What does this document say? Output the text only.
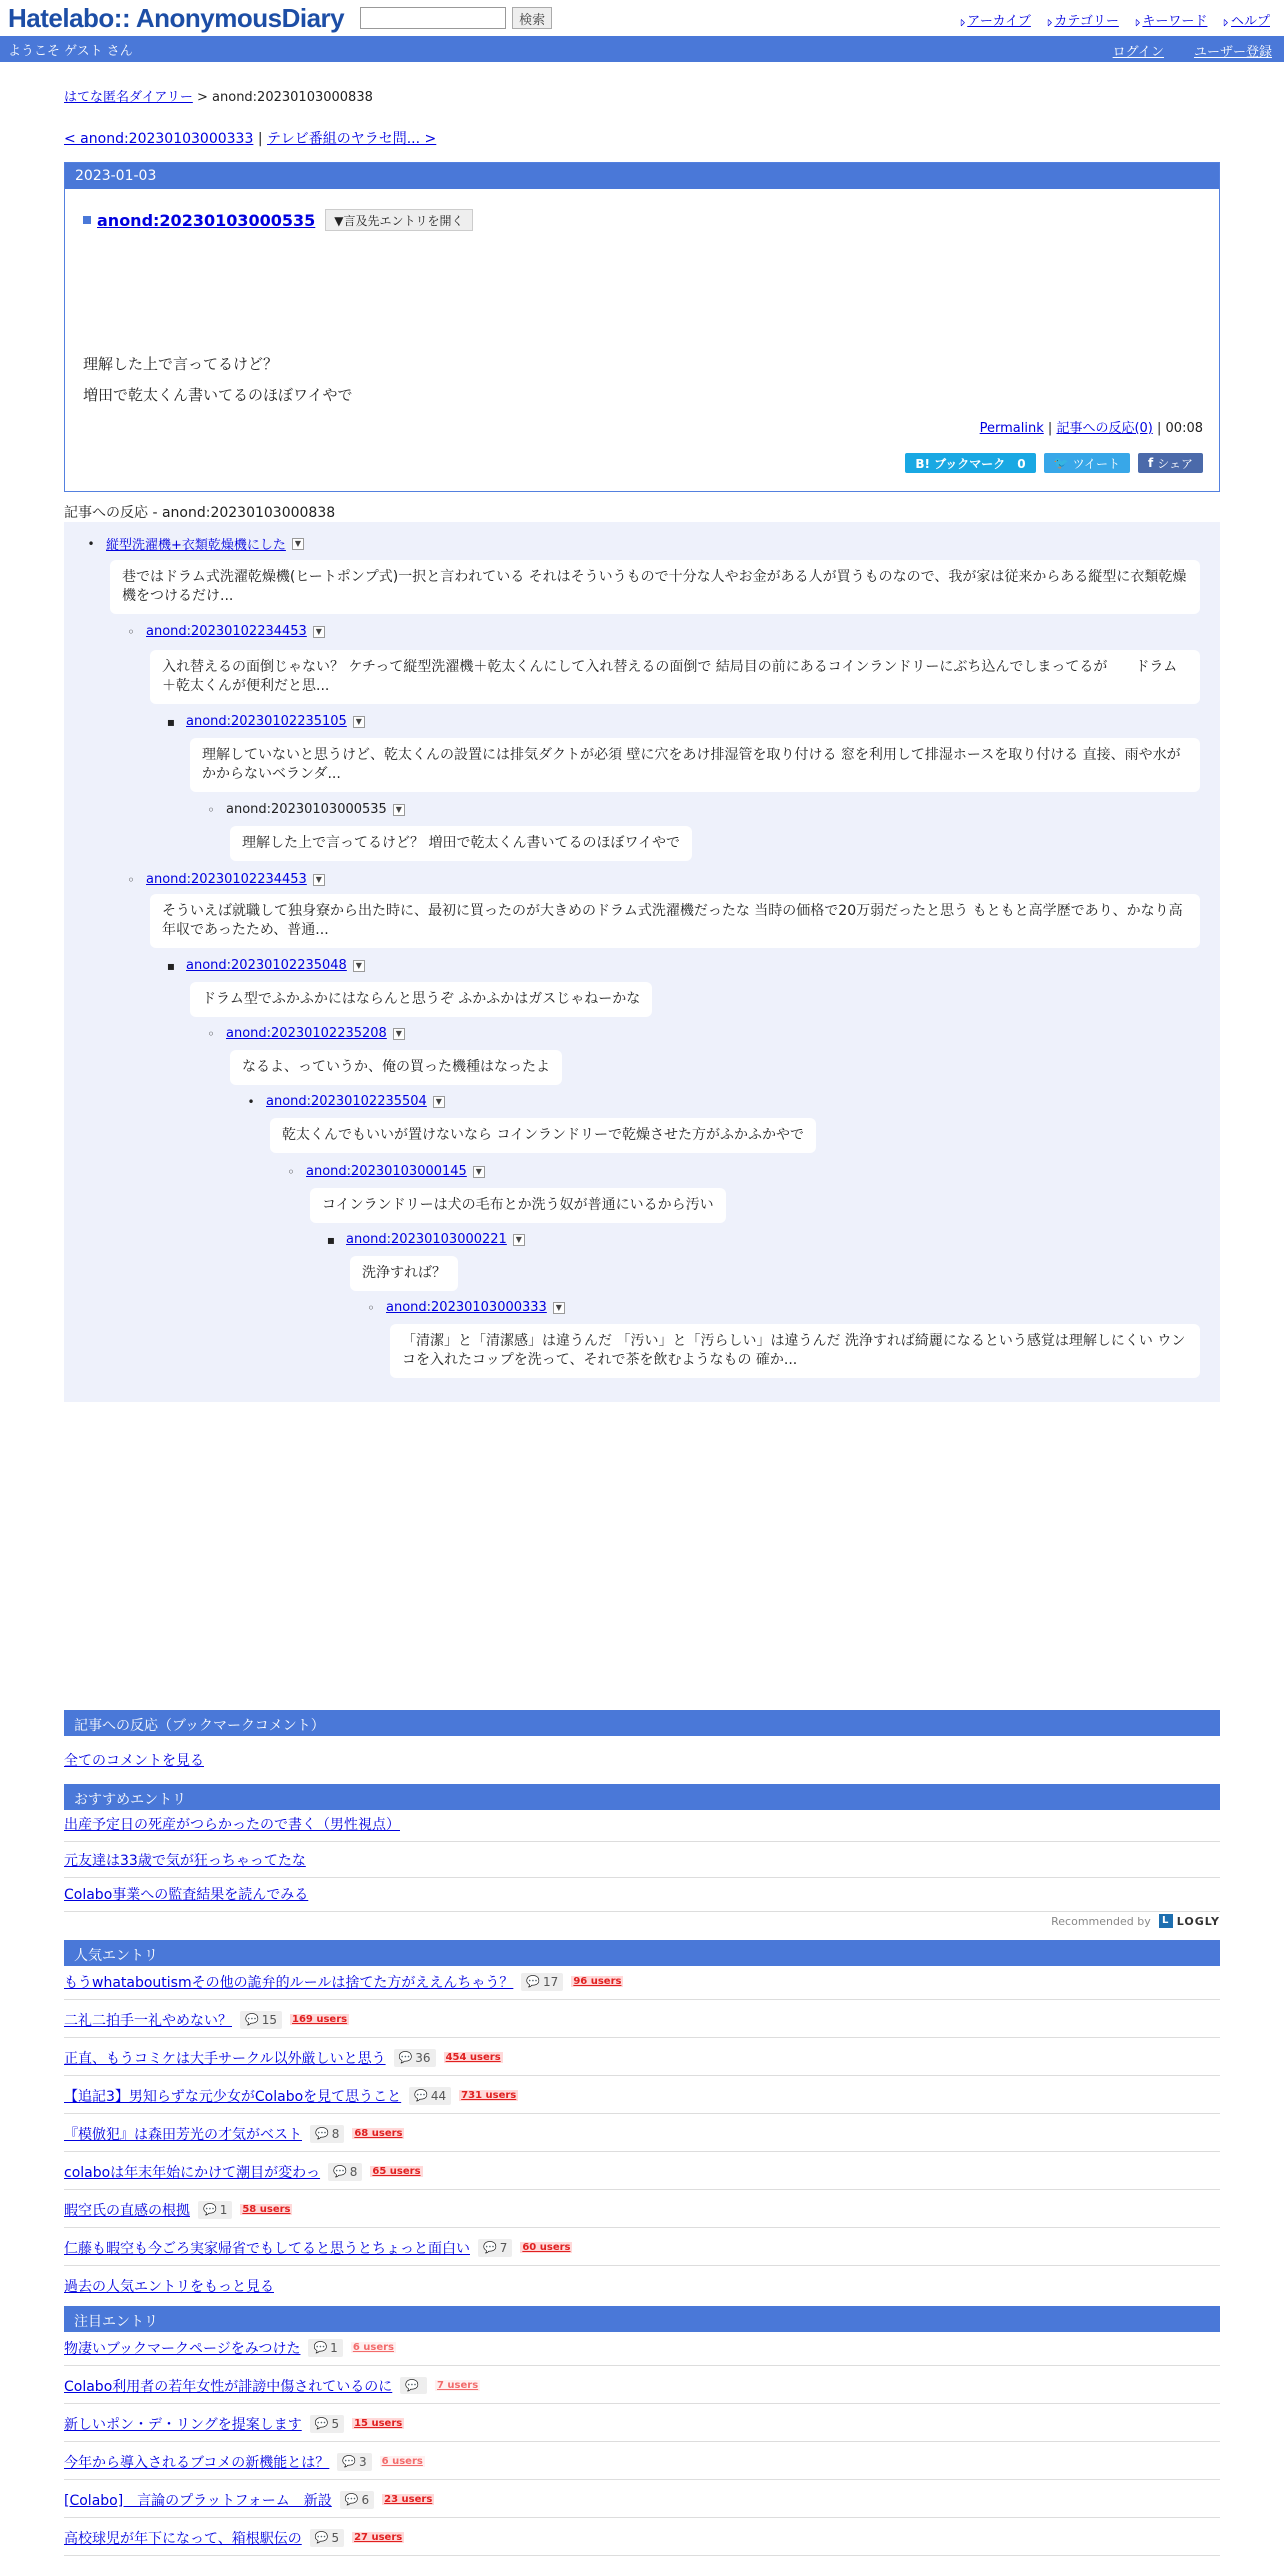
Hatelabo:: AnonymousDiary	検索	⊿ アーカイブ	⊿ カテゴリー	⊿ キーワード	⊿ ヘルプ
ようこそ ゲスト さん	ログイン ユーザー登録
はてな匿名ダイアリー > anond:20230103000838
< anond:20230103000333 | テレビ番組のヤラセ問... >
2023-01-03
anond:20230103000535	▼言及先エントリを開く
理解した上で言ってるけど？
増田で乾太くん書いてるのほぼワイやで
Permalink | 記事への反応(0) | 00:08
B! ブックマーク　0	🐦 ツイート f シェア
記事への反応 - anond:20230103000838
• 縦型洗濯機+衣類乾燥機にした	▼
巷ではドラム式洗濯乾燥機(ヒートポンプ式)一択と言われている それはそういうもので十分な人やお金がある人が買うものなので、我が家は従来からある縦型に衣類乾燥機をつけるだけ...
◦ anond:20230102234453	▼
入れ替えるの面倒じゃない？ ケチって縦型洗濯機＋乾太くんにして入れ替えるの面倒で 結局目の前にあるコインランドリーにぶち込んでしまってるが　　ドラム＋乾太くんが便利だと思...
▪ anond:20230102235105	▼
理解していないと思うけど、乾太くんの設置には排気ダクトが必須 壁に穴をあけ排湿管を取り付ける 窓を利用して排湿ホースを取り付ける 直接、雨や水がかからないベランダ...
◦ anond:20230103000535	▼
理解した上で言ってるけど？ 増田で乾太くん書いてるのほぼワイやで
◦ anond:20230102234453	▼
そういえば就職して独身寮から出た時に、最初に買ったのが大きめのドラム式洗濯機だったな 当時の価格で20万弱だったと思う もともと高学歴であり、かなり高年収であったため、普通...
▪ anond:20230102235048	▼
ドラム型でふかふかにはならんと思うぞ ふかふかはガスじゃねーかな
◦ anond:20230102235208	▼
なるよ、っていうか、俺の買った機種はなったよ
• anond:20230102235504	▼
乾太くんでもいいが置けないなら コインランドリーで乾燥させた方がふかふかやで
◦ anond:20230103000145	▼
コインランドリーは犬の毛布とか洗う奴が普通にいるから汚い
▪ anond:20230103000221	▼
洗浄すれば？
◦ anond:20230103000333	▼
「清潔」と「清潔感」は違うんだ 「汚い」と「汚らしい」は違うんだ 洗浄すれば綺麗になるという感覚は理解しにくい ウンコを入れたコップを洗って、それで茶を飲むようなもの 確か...
記事への反応（ブックマークコメント）
全てのコメントを見る
おすすめエントリ
出産予定日の死産がつらかったので書く（男性視点）
元友達は33歳で気が狂っちゃってたな
Colabo事業への監査結果を読んでみる
Recommended by	L LOGLY
人気エントリ
もうwhataboutismその他の詭弁的ルールは捨てた方がええんちゃう？ 💬 17 96 users
二礼二拍手一礼やめない？ 💬 15 169 users
正直、もうコミケは大手サークル以外厳しいと思う 💬 36 454 users
【追記3】男知らずな元少女がColaboを見て思うこと 💬 44 731 users
『模倣犯』は森田芳光の才気がベスト 💬 8 68 users
colaboは年末年始にかけて潮目が変わっ 💬 8 65 users
暇空氏の直感の根拠 💬 1 58 users
仁藤も暇空も今ごろ実家帰省でもしてると思うとちょっと面白い 💬 7 60 users
過去の人気エントリをもっと見る
注目エントリ
物凄いブックマークページをみつけた 💬 1 6 users
Colabo利用者の若年女性が誹謗中傷されているのに 💬 7 users
新しいポン・デ・リングを提案します 💬 5 15 users
今年から導入されるブコメの新機能とは？ 💬 3 6 users
[Colabo]　言論のプラットフォーム　新設 💬 6 23 users
高校球児が年下になって、箱根駅伝の 💬 5 27 users
